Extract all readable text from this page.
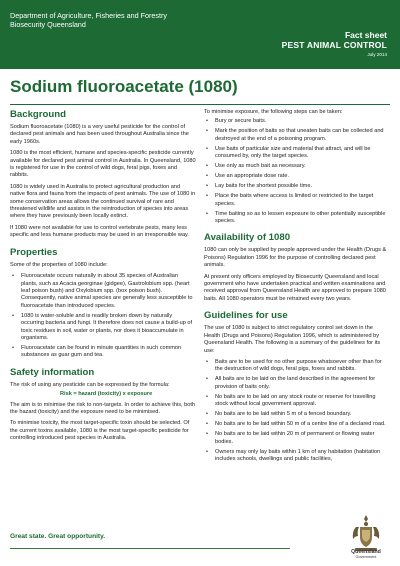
Department of Agriculture, Fisheries and Forestry
Biosecurity Queensland
Fact sheet
PEST ANIMAL CONTROL
July 2014
Sodium fluoroacetate (1080)
Background

Sodium fluoroacetate (1080) is a very useful pesticide for the control of declared pest animals and has been used throughout Australia since the early 1960s.

1080 is the most efficient, humane and species-specific pesticide currently available for declared pest animal control in Australia. In Queensland, 1080 is registered for use in the control of wild dogs, feral pigs, foxes and rabbits.

1080 is widely used in Australia to protect agricultural production and native flora and fauna from the impacts of pest animals. The use of 1080 in some conservation areas allows the continued survival of rare and threatened wildlife and assists in the reintroduction of species into areas where they have previously been locally extinct.

If 1080 were not available for use to control vertebrate pests, many less specific and less humane products may be used in an irresponsible way.

Properties

Some of the properties of 1080 include:

• Fluoroacetate occurs naturally in about 35 species of Australian plants, such as Acacia georginae (gidgee), Gastrolobium spp. (heart leaf poison bush) and Oxylobium spp. (box poison bush). Consequently, native animal species are generally less susceptible to fluoroacetate than introduced species.
• 1080 is water-soluble and is readily broken down by naturally occurring bacteria and fungi. It therefore does not cause a build-up of toxic residues in soil, water or plants, nor does it bioaccumulate in organisms.
• Fluoroacetate can be found in minute quantities in such common substances as guar gum and tea.
Safety information

The risk of using any pesticide can be expressed by the formula:

Risk = hazard (toxicity) x exposure

The aim is to minimise the risk to non-targets. In order to achieve this, both the hazard (toxicity) and the exposure need to be minimised.

To minimise toxicity, the most target-specific toxin should be selected. Of the current toxins available, 1080 is the most target-specific pesticide for controlling introduced pest species in Australia.

To minimise exposure, the following steps can be taken:

• Bury or secure baits.
• Mark the position of baits so that uneaten baits can be collected and destroyed at the end of a poisoning program.
• Use baits of particular size and material that attract, and will be consumed by, only the target species.
• Use only as much bait as necessary.
• Use an appropriate dose rate.
• Lay baits for the shortest possible time.
• Place the baits where access is limited or restricted to the target species.
• Time baiting so as to lessen exposure to other potentially susceptible species.
Availability of 1080

1080 can only be supplied by people approved under the Health (Drugs & Poisons) Regulation 1996 for the purpose of controlling declared pest animals.

At present only officers employed by Biosecurity Queensland and local government who have undertaken practical and written examinations and received approval from Queensland Health are approved to prepare 1080 baits. All 1080 operators must be retrained every two years.

Guidelines for use

The use of 1080 is subject to strict regulatory control set down in the Health (Drugs and Poisons) Regulation 1996, which is administered by Queensland Health. The following is a summary of the guidelines for its use:

• Baits are to be used for no other purpose whatsoever other than for the destruction of wild dogs, feral pigs, foxes and rabbits.
• All baits are to be laid on the land described in the agreement for provision of baits only.
• No baits are to be laid on any stock route or reserve for travelling stock without local government approval.
• No baits are to be laid within 5 m of a fenced boundary.
• No baits are to be laid within 50 m of a centre line of a declared road.
• No baits are to be laid within 20 m of permanent or flowing water bodies.
• Owners may only lay baits within 1 km of any habitation (habitation includes schools, dwellings and public facilities,
Great state. Great opportunity.
Queensland
Government
